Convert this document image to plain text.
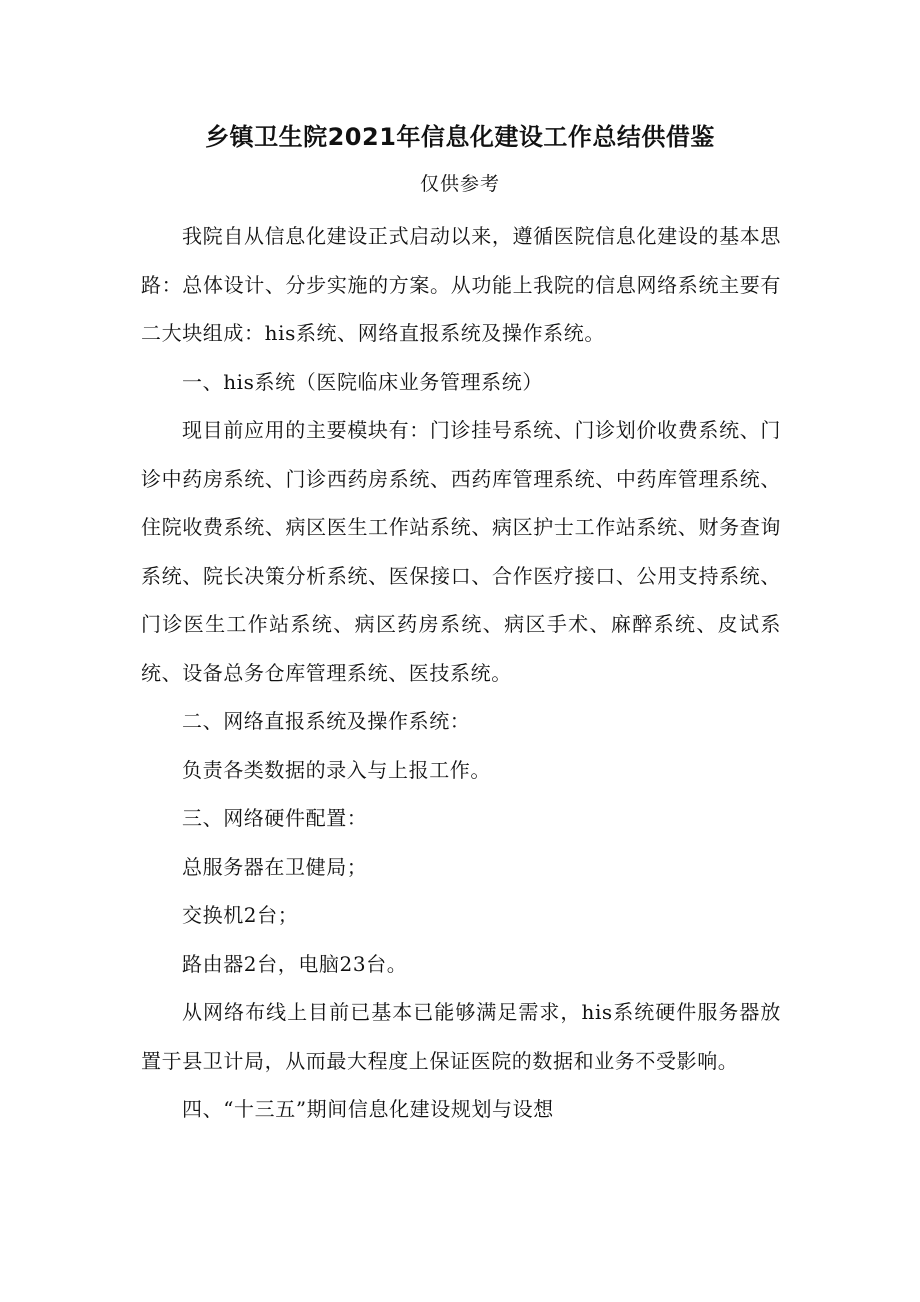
乡镇卫生院2021年信息化建设工作总结供借鉴
仅供参考

我院自从信息化建设正式启动以来，遵循医院信息化建设的基本思路：总体设计、分步实施的方案。从功能上我院的信息网络系统主要有二大块组成：his系统、网络直报系统及操作系统。

一、his系统（医院临床业务管理系统）

现目前应用的主要模块有：门诊挂号系统、门诊划价收费系统、门诊中药房系统、门诊西药房系统、西药库管理系统、中药库管理系统、住院收费系统、病区医生工作站系统、病区护士工作站系统、财务查询系统、院长决策分析系统、医保接口、合作医疗接口、公用支持系统、门诊医生工作站系统、病区药房系统、病区手术、麻醉系统、皮试系统、设备总务仓库管理系统、医技系统。

二、网络直报系统及操作系统：

负责各类数据的录入与上报工作。

三、网络硬件配置：

总服务器在卫健局；

交换机2台；

路由器2台，电脑23台。

从网络布线上目前已基本已能够满足需求，his系统硬件服务器放置于县卫计局，从而最大程度上保证医院的数据和业务不受影响。

四、“十三五”期间信息化建设规划与设想
